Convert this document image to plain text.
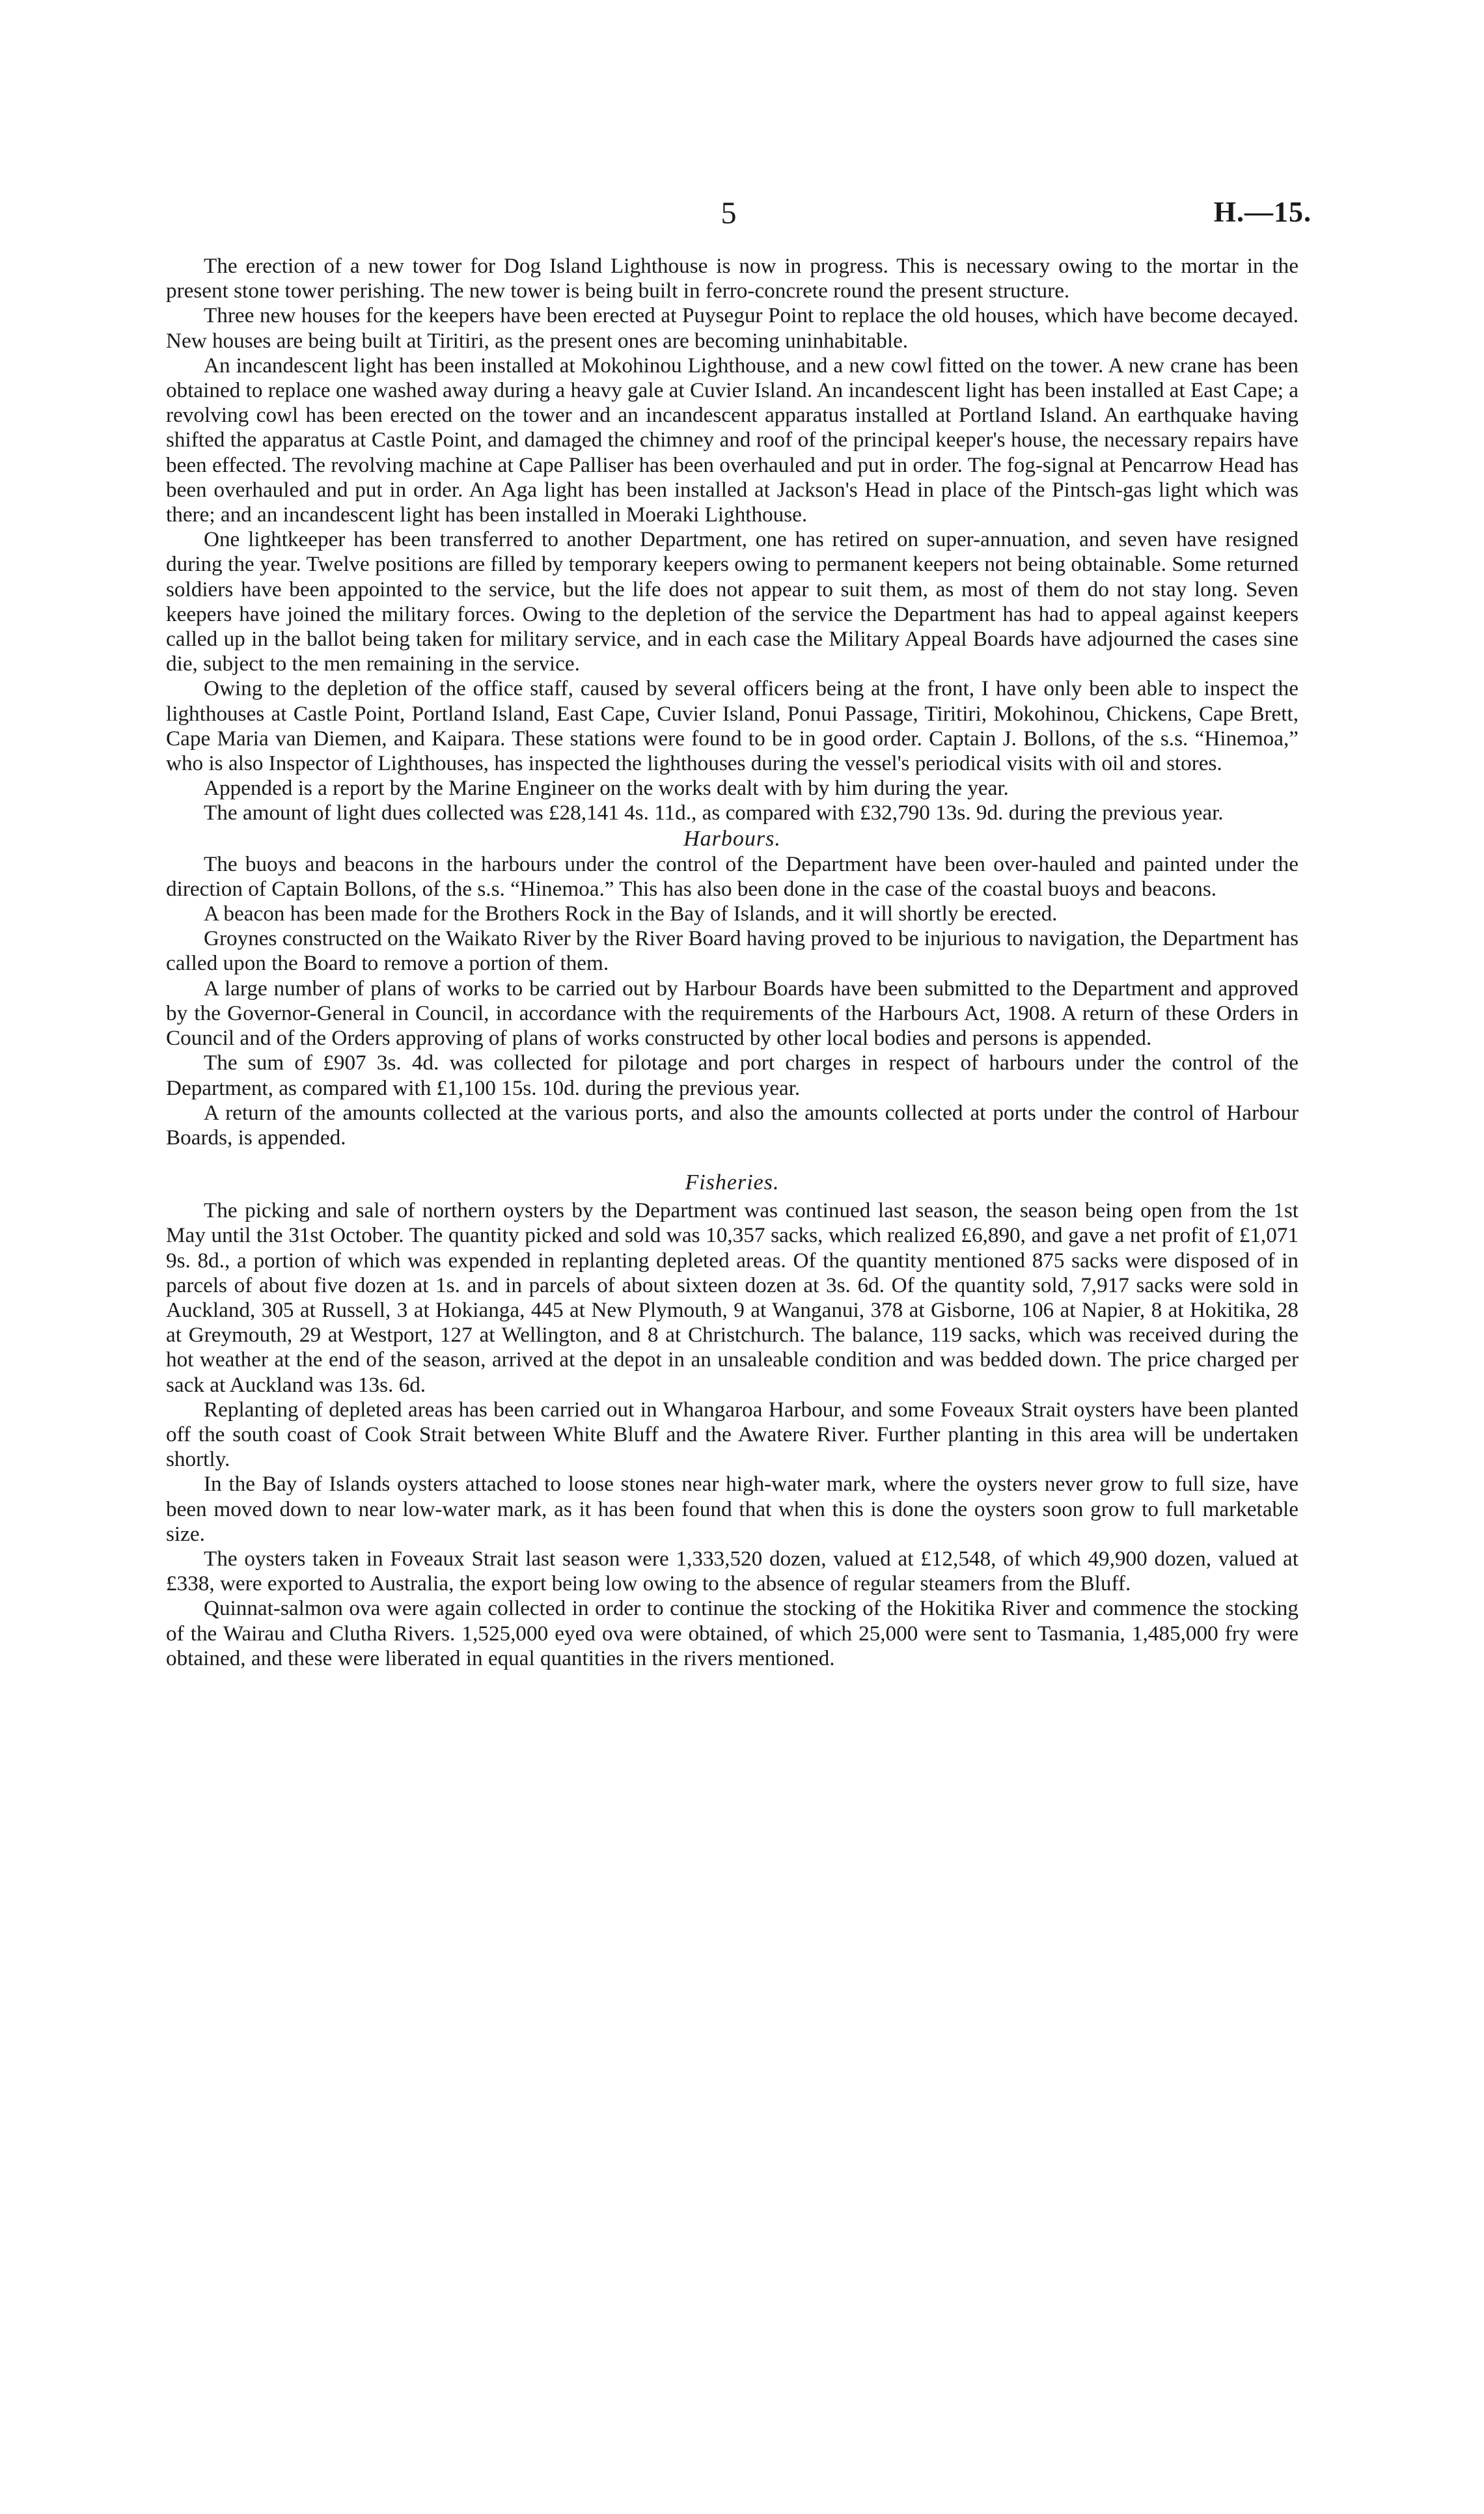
5	H.—15.

The erection of a new tower for Dog Island Lighthouse is now in progress. This is necessary owing to the mortar in the present stone tower perishing. The new tower is being built in ferro-concrete round the present structure.

Three new houses for the keepers have been erected at Puysegur Point to replace the old houses, which have become decayed. New houses are being built at Tiritiri, as the present ones are becoming uninhabitable.

An incandescent light has been installed at Mokohinou Lighthouse, and a new cowl fitted on the tower. A new crane has been obtained to replace one washed away during a heavy gale at Cuvier Island. An incandescent light has been installed at East Cape; a revolving cowl has been erected on the tower and an incandescent apparatus installed at Portland Island. An earthquake having shifted the apparatus at Castle Point, and damaged the chimney and roof of the principal keeper's house, the necessary repairs have been effected. The revolving machine at Cape Palliser has been overhauled and put in order. The fog-signal at Pencarrow Head has been overhauled and put in order. An Aga light has been installed at Jackson's Head in place of the Pintsch-gas light which was there; and an incandescent light has been installed in Moeraki Lighthouse.

One lightkeeper has been transferred to another Department, one has retired on super-annuation, and seven have resigned during the year. Twelve positions are filled by temporary keepers owing to permanent keepers not being obtainable. Some returned soldiers have been appointed to the service, but the life does not appear to suit them, as most of them do not stay long. Seven keepers have joined the military forces. Owing to the depletion of the service the Department has had to appeal against keepers called up in the ballot being taken for military service, and in each case the Military Appeal Boards have adjourned the cases sine die, subject to the men remaining in the service.

Owing to the depletion of the office staff, caused by several officers being at the front, I have only been able to inspect the lighthouses at Castle Point, Portland Island, East Cape, Cuvier Island, Ponui Passage, Tiritiri, Mokohinou, Chickens, Cape Brett, Cape Maria van Diemen, and Kaipara. These stations were found to be in good order. Captain J. Bollons, of the s.s. “Hinemoa,” who is also Inspector of Lighthouses, has inspected the lighthouses during the vessel's periodical visits with oil and stores.

Appended is a report by the Marine Engineer on the works dealt with by him during the year.

The amount of light dues collected was £28,141 4s. 11d., as compared with £32,790 13s. 9d. during the previous year.

Harbours.

The buoys and beacons in the harbours under the control of the Department have been over-hauled and painted under the direction of Captain Bollons, of the s.s. “Hinemoa.” This has also been done in the case of the coastal buoys and beacons.

A beacon has been made for the Brothers Rock in the Bay of Islands, and it will shortly be erected.

Groynes constructed on the Waikato River by the River Board having proved to be injurious to navigation, the Department has called upon the Board to remove a portion of them.

A large number of plans of works to be carried out by Harbour Boards have been submitted to the Department and approved by the Governor-General in Council, in accordance with the requirements of the Harbours Act, 1908. A return of these Orders in Council and of the Orders approving of plans of works constructed by other local bodies and persons is appended.

The sum of £907 3s. 4d. was collected for pilotage and port charges in respect of harbours under the control of the Department, as compared with £1,100 15s. 10d. during the previous year.

A return of the amounts collected at the various ports, and also the amounts collected at ports under the control of Harbour Boards, is appended.

Fisheries.

The picking and sale of northern oysters by the Department was continued last season, the season being open from the 1st May until the 31st October. The quantity picked and sold was 10,357 sacks, which realized £6,890, and gave a net profit of £1,071 9s. 8d., a portion of which was expended in replanting depleted areas. Of the quantity mentioned 875 sacks were disposed of in parcels of about five dozen at 1s. and in parcels of about sixteen dozen at 3s. 6d. Of the quantity sold, 7,917 sacks were sold in Auckland, 305 at Russell, 3 at Hokianga, 445 at New Plymouth, 9 at Wanganui, 378 at Gisborne, 106 at Napier, 8 at Hokitika, 28 at Greymouth, 29 at Westport, 127 at Wellington, and 8 at Christchurch. The balance, 119 sacks, which was received during the hot weather at the end of the season, arrived at the depot in an unsaleable condition and was bedded down. The price charged per sack at Auckland was 13s. 6d.

Replanting of depleted areas has been carried out in Whangaroa Harbour, and some Foveaux Strait oysters have been planted off the south coast of Cook Strait between White Bluff and the Awatere River. Further planting in this area will be undertaken shortly.

In the Bay of Islands oysters attached to loose stones near high-water mark, where the oysters never grow to full size, have been moved down to near low-water mark, as it has been found that when this is done the oysters soon grow to full marketable size.

The oysters taken in Foveaux Strait last season were 1,333,520 dozen, valued at £12,548, of which 49,900 dozen, valued at £338, were exported to Australia, the export being low owing to the absence of regular steamers from the Bluff.

Quinnat-salmon ova were again collected in order to continue the stocking of the Hokitika River and commence the stocking of the Wairau and Clutha Rivers. 1,525,000 eyed ova were obtained, of which 25,000 were sent to Tasmania, 1,485,000 fry were obtained, and these were liberated in equal quantities in the rivers mentioned.
